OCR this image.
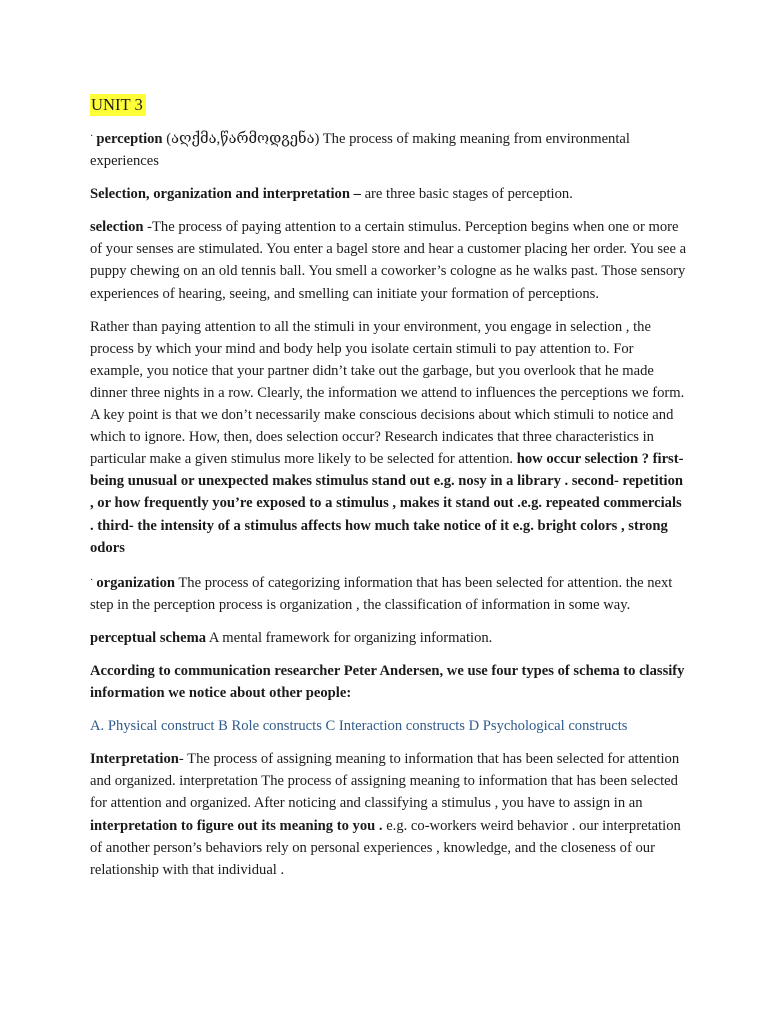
UNIT 3

· perception (აღქმა,წარმოდგენა) The process of making meaning from environmental experiences

Selection, organization and interpretation – are three basic stages of perception.

selection -The process of paying attention to a certain stimulus. Perception begins when one or more of your senses are stimulated. You enter a bagel store and hear a customer placing her order. You see a puppy chewing on an old tennis ball. You smell a coworker’s cologne as he walks past. Those sensory experiences of hearing, seeing, and smelling can initiate your formation of perceptions.

Rather than paying attention to all the stimuli in your environment, you engage in selection , the process by which your mind and body help you isolate certain stimuli to pay attention to. For example, you notice that your partner didn’t take out the garbage, but you overlook that he made dinner three nights in a row. Clearly, the information we attend to influences the perceptions we form. A key point is that we don’t necessarily make conscious decisions about which stimuli to notice and which to ignore. How, then, does selection occur? Research indicates that three characteristics in particular make a given stimulus more likely to be selected for attention. how occur selection ? first- being unusual or unexpected makes stimulus stand out e.g. nosy in a library . second- repetition , or how frequently you’re exposed to a stimulus , makes it stand out .e.g. repeated commercials . third- the intensity of a stimulus affects how much take notice of it e.g. bright colors , strong odors

· organization The process of categorizing information that has been selected for attention. the next step in the perception process is organization , the classification of information in some way.

perceptual schema A mental framework for organizing information.

According to communication researcher Peter Andersen, we use four types of schema to classify information we notice about other people:

A. Physical construct B Role constructs C Interaction constructs D Psychological constructs

Interpretation- The process of assigning meaning to information that has been selected for attention and organized. interpretation The process of assigning meaning to information that has been selected for attention and organized. After noticing and classifying a stimulus , you have to assign in an interpretation to figure out its meaning to you . e.g. co-workers weird behavior . our interpretation of another person’s behaviors rely on personal experiences , knowledge, and the closeness of our relationship with that individual .
